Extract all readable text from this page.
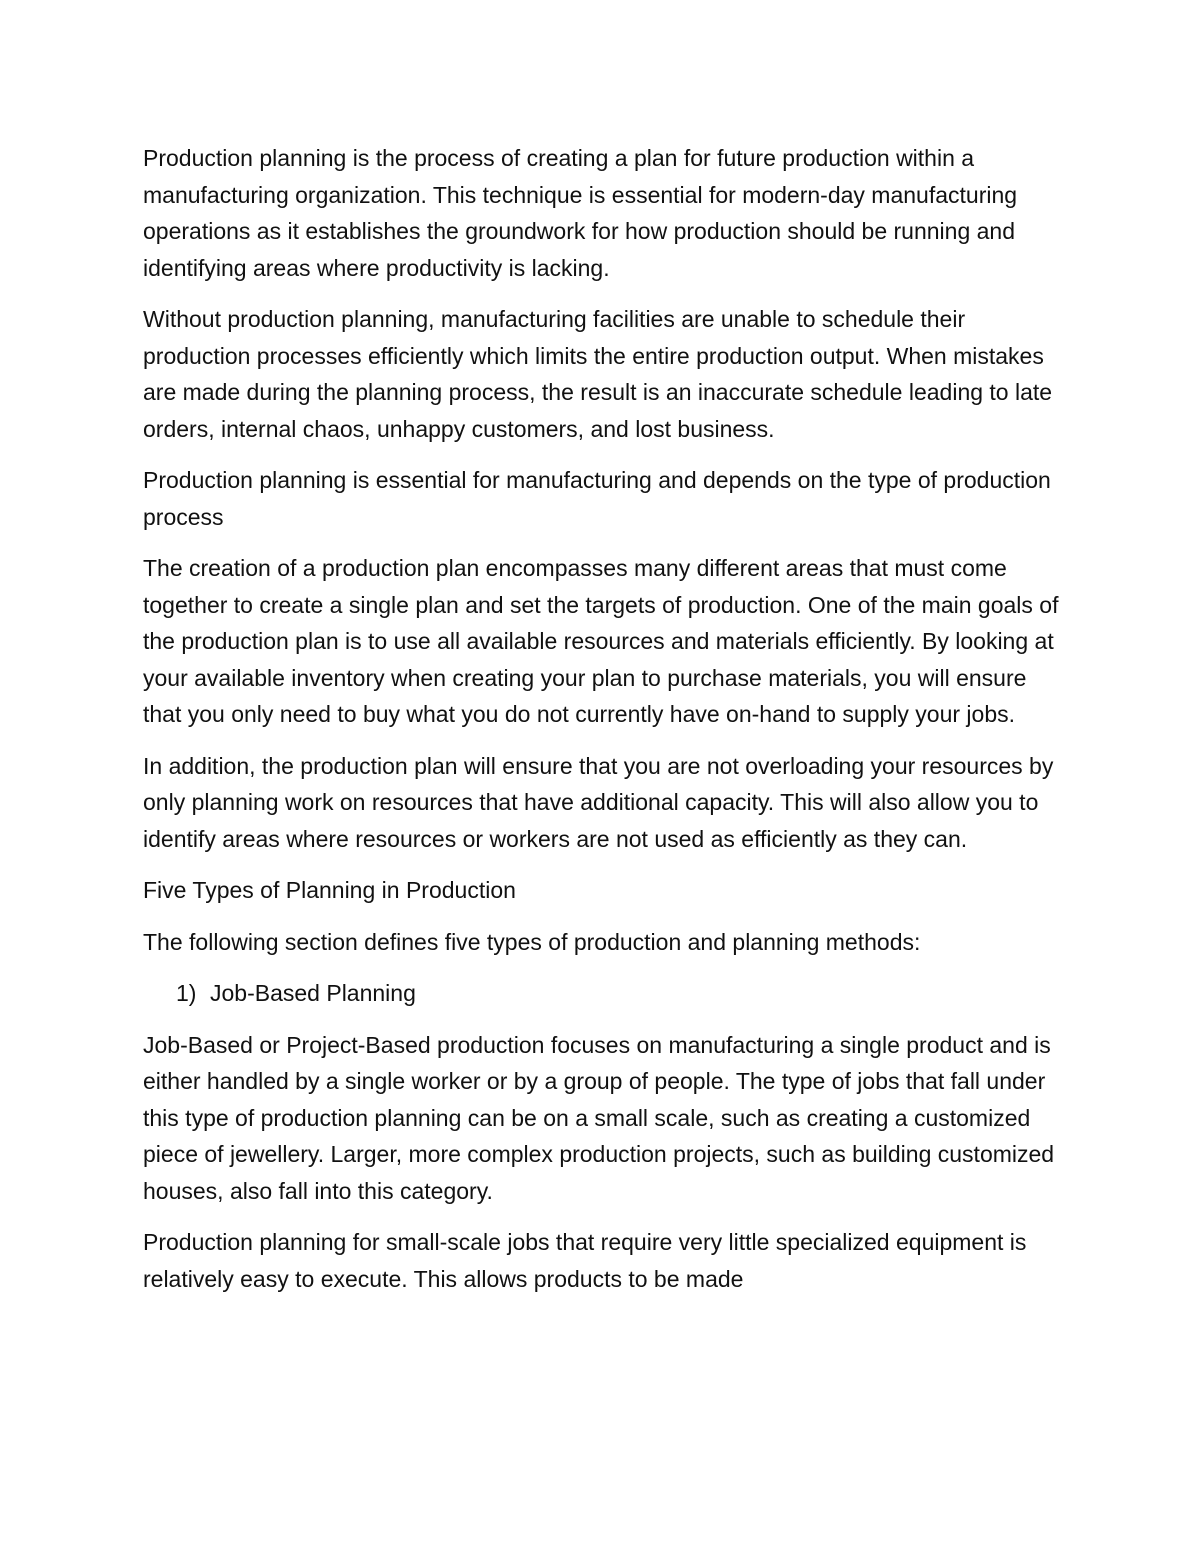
Production planning is the process of creating a plan for future production within a manufacturing organization. This technique is essential for modern-day manufacturing operations as it establishes the groundwork for how production should be running and identifying areas where productivity is lacking.

Without production planning, manufacturing facilities are unable to schedule their production processes efficiently which limits the entire production output. When mistakes are made during the planning process, the result is an inaccurate schedule leading to late orders, internal chaos, unhappy customers, and lost business.

Production planning is essential for manufacturing and depends on the type of production process

The creation of a production plan encompasses many different areas that must come together to create a single plan and set the targets of production. One of the main goals of the production plan is to use all available resources and materials efficiently. By looking at your available inventory when creating your plan to purchase materials, you will ensure that you only need to buy what you do not currently have on-hand to supply your jobs.

In addition, the production plan will ensure that you are not overloading your resources by only planning work on resources that have additional capacity. This will also allow you to identify areas where resources or workers are not used as efficiently as they can.

Five Types of Planning in Production

The following section defines five types of production and planning methods:

1) Job-Based Planning

Job-Based or Project-Based production focuses on manufacturing a single product and is either handled by a single worker or by a group of people. The type of jobs that fall under this type of production planning can be on a small scale, such as creating a customized piece of jewellery. Larger, more complex production projects, such as building customized houses, also fall into this category.

Production planning for small-scale jobs that require very little specialized equipment is relatively easy to execute. This allows products to be made
